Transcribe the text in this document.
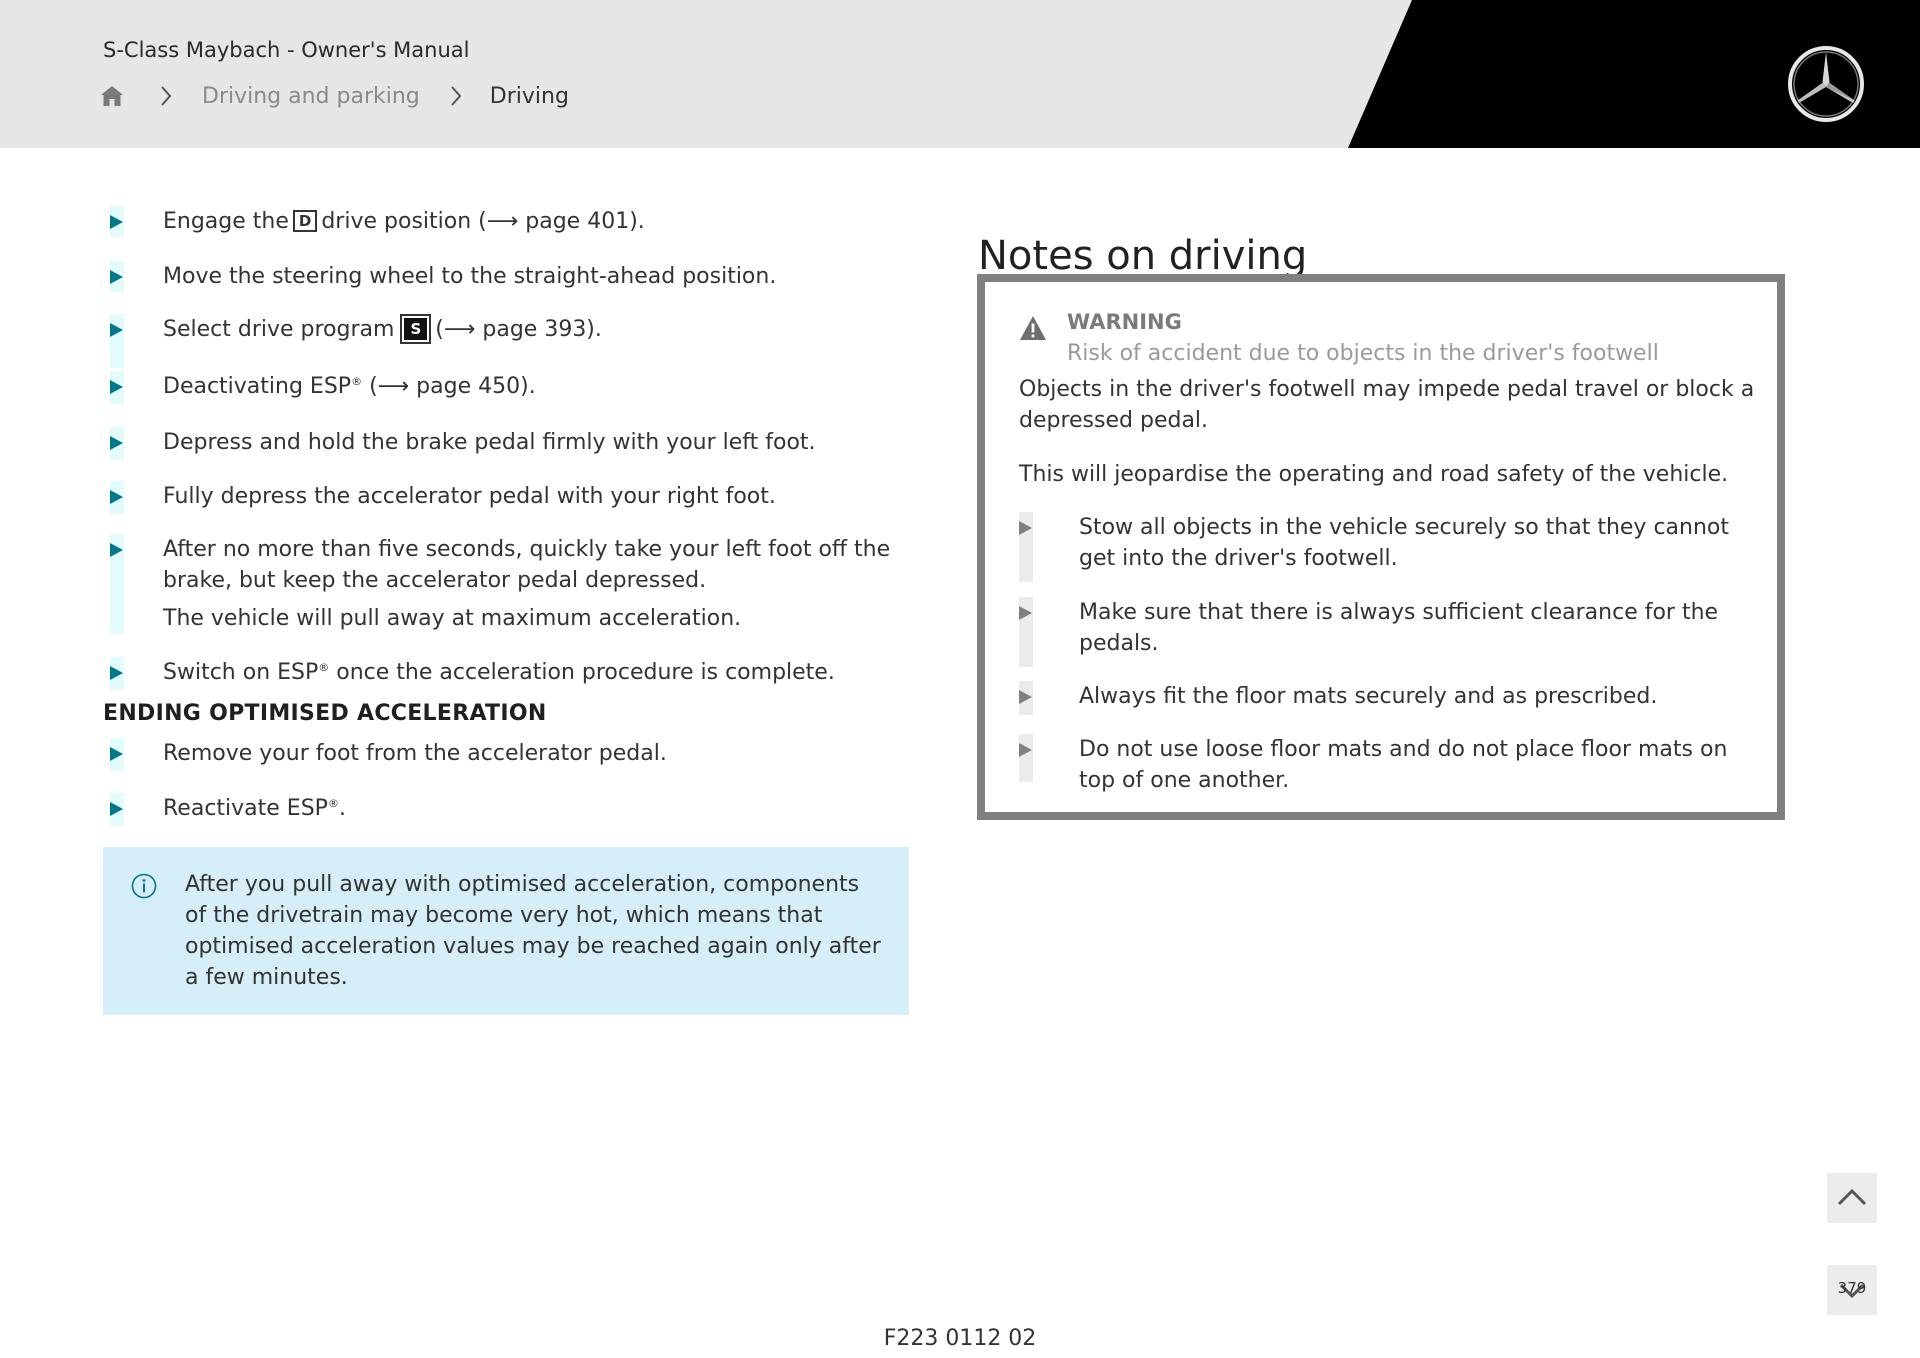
S-Class Maybach - Owner's Manual
Driving and parking	Driving
Engage the D drive position (⟶ page 401).
Move the steering wheel to the straight-ahead position.
Select drive program S (⟶ page 393).
Deactivating ESP® (⟶ page 450).
Depress and hold the brake pedal firmly with your left foot.
Fully depress the accelerator pedal with your right foot.
After no more than five seconds, quickly take your left foot off the brake, but keep the accelerator pedal depressed.
The vehicle will pull away at maximum acceleration.
Switch on ESP® once the acceleration procedure is complete.
ENDING OPTIMISED ACCELERATION
Remove your foot from the accelerator pedal.
Reactivate ESP®.
After you pull away with optimised acceleration, components of the drivetrain may become very hot, which means that optimised acceleration values may be reached again only after a few minutes.
Notes on driving
WARNING
Risk of accident due to objects in the driver's footwell
Objects in the driver's footwell may impede pedal travel or block a depressed pedal.
This will jeopardise the operating and road safety of the vehicle.
Stow all objects in the vehicle securely so that they cannot get into the driver's footwell.
Make sure that there is always sufficient clearance for the pedals.
Always fit the floor mats securely and as prescribed.
Do not use loose floor mats and do not place floor mats on top of one another.
379
F223 0112 02
